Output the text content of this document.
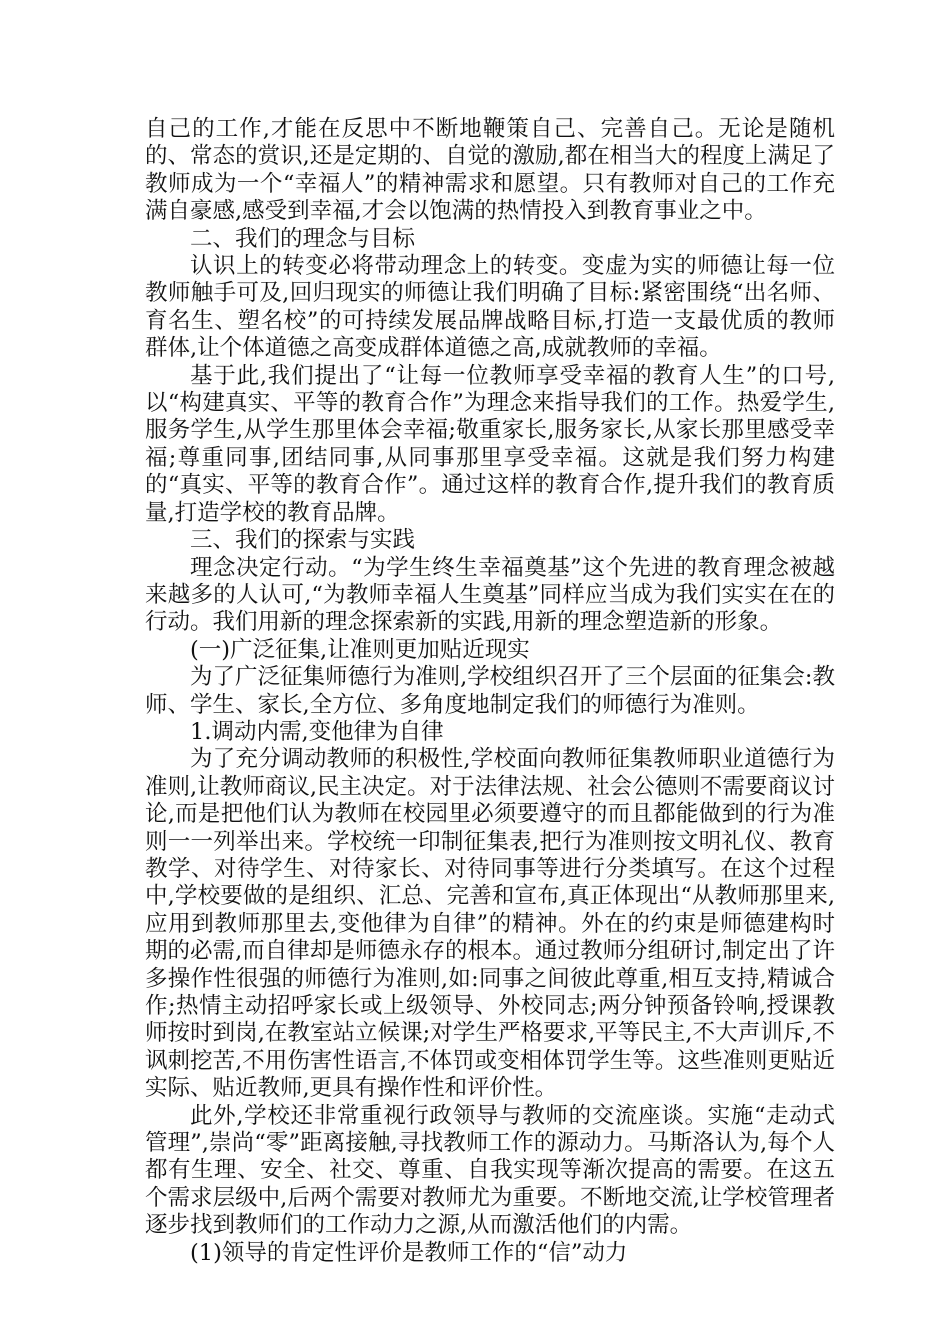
自己的工作,才能在反思中不断地鞭策自己、完善自己。无论是随机的、常态的赏识,还是定期的、自觉的激励,都在相当大的程度上满足了教师成为一个“幸福人”的精神需求和愿望。只有教师对自己的工作充满自豪感,感受到幸福,才会以饱满的热情投入到教育事业之中。

二、我们的理念与目标

认识上的转变必将带动理念上的转变。变虚为实的师德让每一位教师触手可及,回归现实的师德让我们明确了目标:紧密围绕“出名师、育名生、塑名校”的可持续发展品牌战略目标,打造一支最优质的教师群体,让个体道德之高变成群体道德之高,成就教师的幸福。

基于此,我们提出了“让每一位教师享受幸福的教育人生”的口号,以“构建真实、平等的教育合作”为理念来指导我们的工作。热爱学生,服务学生,从学生那里体会幸福;敬重家长,服务家长,从家长那里感受幸福;尊重同事,团结同事,从同事那里享受幸福。这就是我们努力构建的“真实、平等的教育合作”。通过这样的教育合作,提升我们的教育质量,打造学校的教育品牌。

三、我们的探索与实践

理念决定行动。“为学生终生幸福奠基”这个先进的教育理念被越来越多的人认可,“为教师幸福人生奠基”同样应当成为我们实实在在的行动。我们用新的理念探索新的实践,用新的理念塑造新的形象。

(一)广泛征集,让准则更加贴近现实

为了广泛征集师德行为准则,学校组织召开了三个层面的征集会:教师、学生、家长,全方位、多角度地制定我们的师德行为准则。

1.调动内需,变他律为自律

为了充分调动教师的积极性,学校面向教师征集教师职业道德行为准则,让教师商议,民主决定。对于法律法规、社会公德则不需要商议讨论,而是把他们认为教师在校园里必须要遵守的而且都能做到的行为准则一一列举出来。学校统一印制征集表,把行为准则按文明礼仪、教育教学、对待学生、对待家长、对待同事等进行分类填写。在这个过程中,学校要做的是组织、汇总、完善和宣布,真正体现出“从教师那里来,应用到教师那里去,变他律为自律”的精神。外在的约束是师德建构时期的必需,而自律却是师德永存的根本。通过教师分组研讨,制定出了许多操作性很强的师德行为准则,如:同事之间彼此尊重,相互支持,精诚合作;热情主动招呼家长或上级领导、外校同志;两分钟预备铃响,授课教师按时到岗,在教室站立候课;对学生严格要求,平等民主,不大声训斥,不讽刺挖苦,不用伤害性语言,不体罚或变相体罚学生等。这些准则更贴近实际、贴近教师,更具有操作性和评价性。

此外,学校还非常重视行政领导与教师的交流座谈。实施“走动式管理”,崇尚“零”距离接触,寻找教师工作的源动力。马斯洛认为,每个人都有生理、安全、社交、尊重、自我实现等渐次提高的需要。在这五个需求层级中,后两个需要对教师尤为重要。不断地交流,让学校管理者逐步找到教师们的工作动力之源,从而激活他们的内需。

(1)领导的肯定性评价是教师工作的“信”动力
